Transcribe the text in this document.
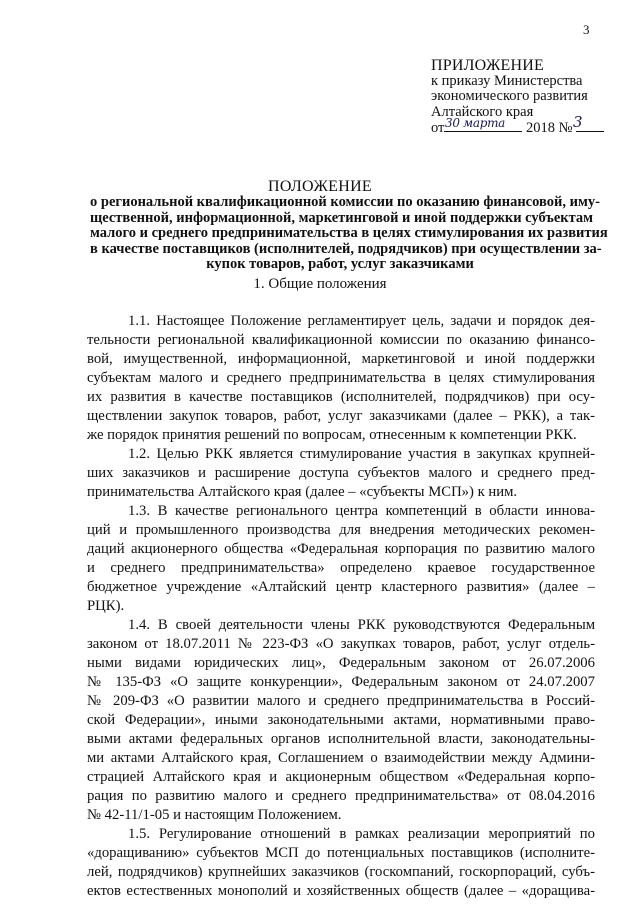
3
ПРИЛОЖЕНИЕ
к приказу Министерства
экономического развития
Алтайского края
от	2018 №
30 марта	3
ПОЛОЖЕНИЕ
о региональной квалификационной комиссии по оказанию финансовой, иму-
щественной, информационной, маркетинговой и иной поддержки субъектам
малого и среднего предпринимательства в целях стимулирования их развития
в качестве поставщиков (исполнителей, подрядчиков) при осуществлении за-
купок товаров, работ, услуг заказчиками
1. Общие положения
1.1. Настоящее Положение регламентирует цель, задачи и порядок дея-
тельности региональной квалификационной комиссии по оказанию финансо-
вой, имущественной, информационной, маркетинговой и иной поддержки
субъектам малого и среднего предпринимательства в целях стимулирования
их развития в качестве поставщиков (исполнителей, подрядчиков) при осу-
ществлении закупок товаров, работ, услуг заказчиками (далее – РКК), а так-
же порядок принятия решений по вопросам, отнесенным к компетенции РКК.
1.2. Целью РКК является стимулирование участия в закупках крупней-
ших заказчиков и расширение доступа субъектов малого и среднего пред-
принимательства Алтайского края (далее – «субъекты МСП») к ним.
1.3. В качестве регионального центра компетенций в области иннова-
ций и промышленного производства для внедрения методических рекомен-
даций акционерного общества «Федеральная корпорация по развитию малого
и среднего предпринимательства» определено краевое государственное
бюджетное учреждение «Алтайский центр кластерного развития» (далее –
РЦК).
1.4. В своей деятельности члены РКК руководствуются Федеральным
законом от 18.07.2011 № 223-ФЗ «О закупках товаров, работ, услуг отдель-
ными видами юридических лиц», Федеральным законом от 26.07.2006
№ 135-ФЗ «О защите конкуренции», Федеральным законом от 24.07.2007
№ 209-ФЗ «О развитии малого и среднего предпринимательства в Россий-
ской Федерации», иными законодательными актами, нормативными право-
выми актами федеральных органов исполнительной власти, законодательны-
ми актами Алтайского края, Соглашением о взаимодействии между Админи-
страцией Алтайского края и акционерным обществом «Федеральная корпо-
рация по развитию малого и среднего предпринимательства» от 08.04.2016
№ 42-11/1-05 и настоящим Положением.
1.5. Регулирование отношений в рамках реализации мероприятий по
«доращиванию» субъектов МСП до потенциальных поставщиков (исполните-
лей, подрядчиков) крупнейших заказчиков (госкомпаний, госкорпораций, субъ-
ектов естественных монополий и хозяйственных обществ (далее – «доращива-
